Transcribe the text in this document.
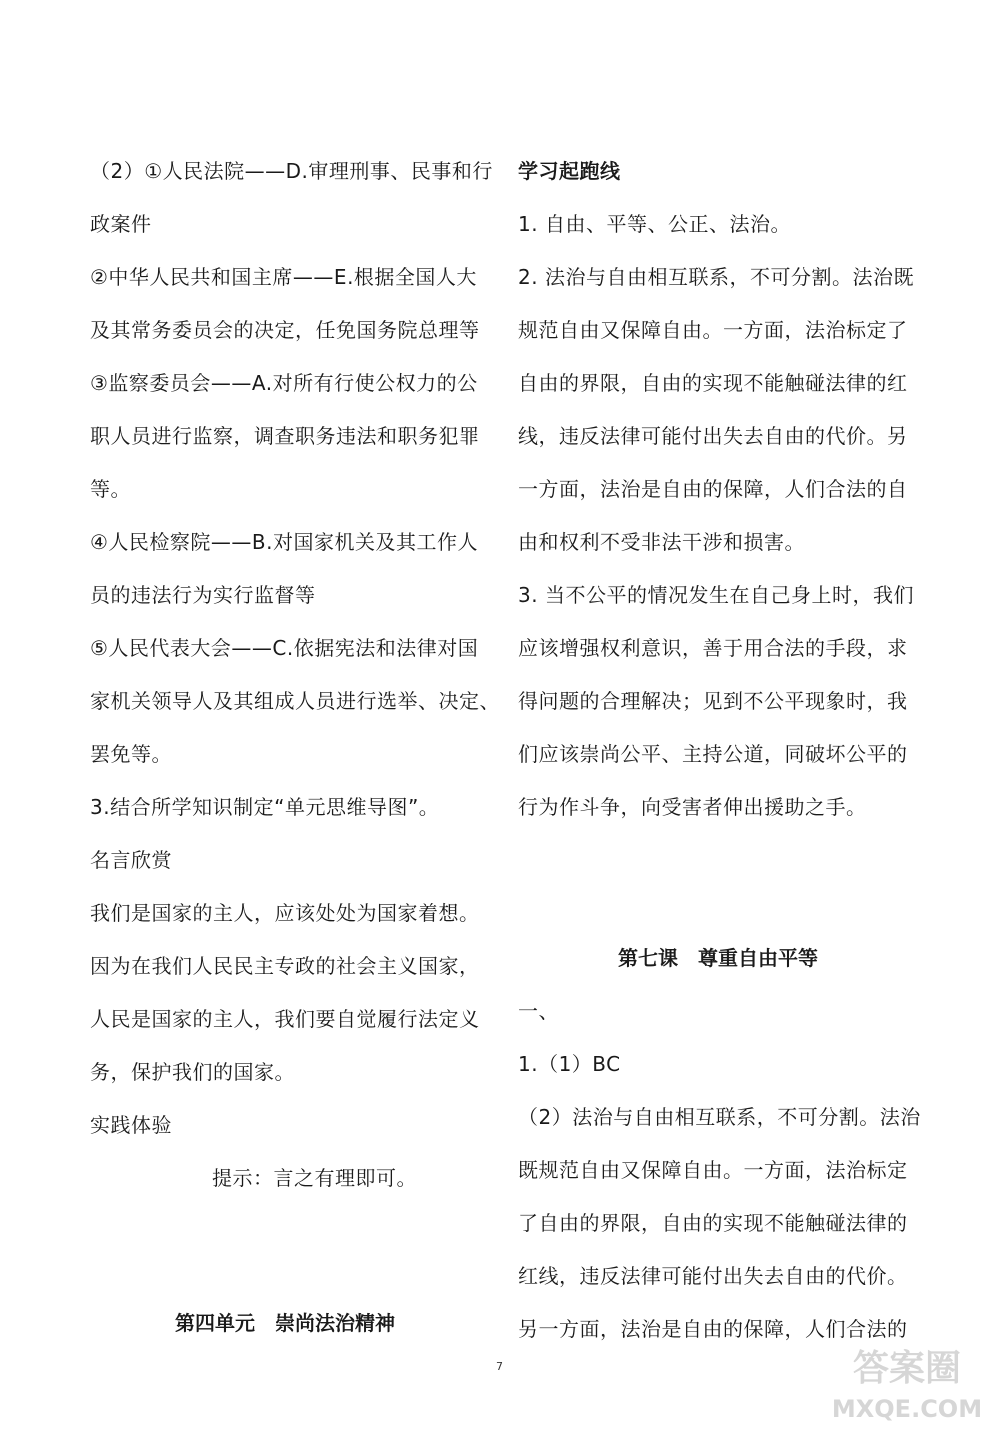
（2）①人民法院——D.审理刑事、民事和行
政案件
②中华人民共和国主席——E.根据全国人大
及其常务委员会的决定，任免国务院总理等
③监察委员会——A.对所有行使公权力的公
职人员进行监察，调查职务违法和职务犯罪
等。
④人民检察院——B.对国家机关及其工作人
员的违法行为实行监督等
⑤人民代表大会——C.依据宪法和法律对国
家机关领导人及其组成人员进行选举、决定、
罢免等。
3.结合所学知识制定“单元思维导图”。
名言欣赏
我们是国家的主人，应该处处为国家着想。
因为在我们人民民主专政的社会主义国家，
人民是国家的主人，我们要自觉履行法定义
务，保护我们的国家。
实践体验
提示：言之有理即可。
第四单元　崇尚法治精神
学习起跑线
1. 自由、平等、公正、法治。
2. 法治与自由相互联系，不可分割。法治既
规范自由又保障自由。一方面，法治标定了
自由的界限，自由的实现不能触碰法律的红
线，违反法律可能付出失去自由的代价。另
一方面，法治是自由的保障，人们合法的自
由和权利不受非法干涉和损害。
3. 当不公平的情况发生在自己身上时，我们
应该增强权利意识，善于用合法的手段，求
得问题的合理解决；见到不公平现象时，我
们应该崇尚公平、主持公道，同破坏公平的
行为作斗争，向受害者伸出援助之手。
第七课　尊重自由平等
一、
1.（1）BC
（2）法治与自由相互联系，不可分割。法治
既规范自由又保障自由。一方面，法治标定
了自由的界限，自由的实现不能触碰法律的
红线，违反法律可能付出失去自由的代价。
另一方面，法治是自由的保障，人们合法的
7	答案圈
MXQE.COM
